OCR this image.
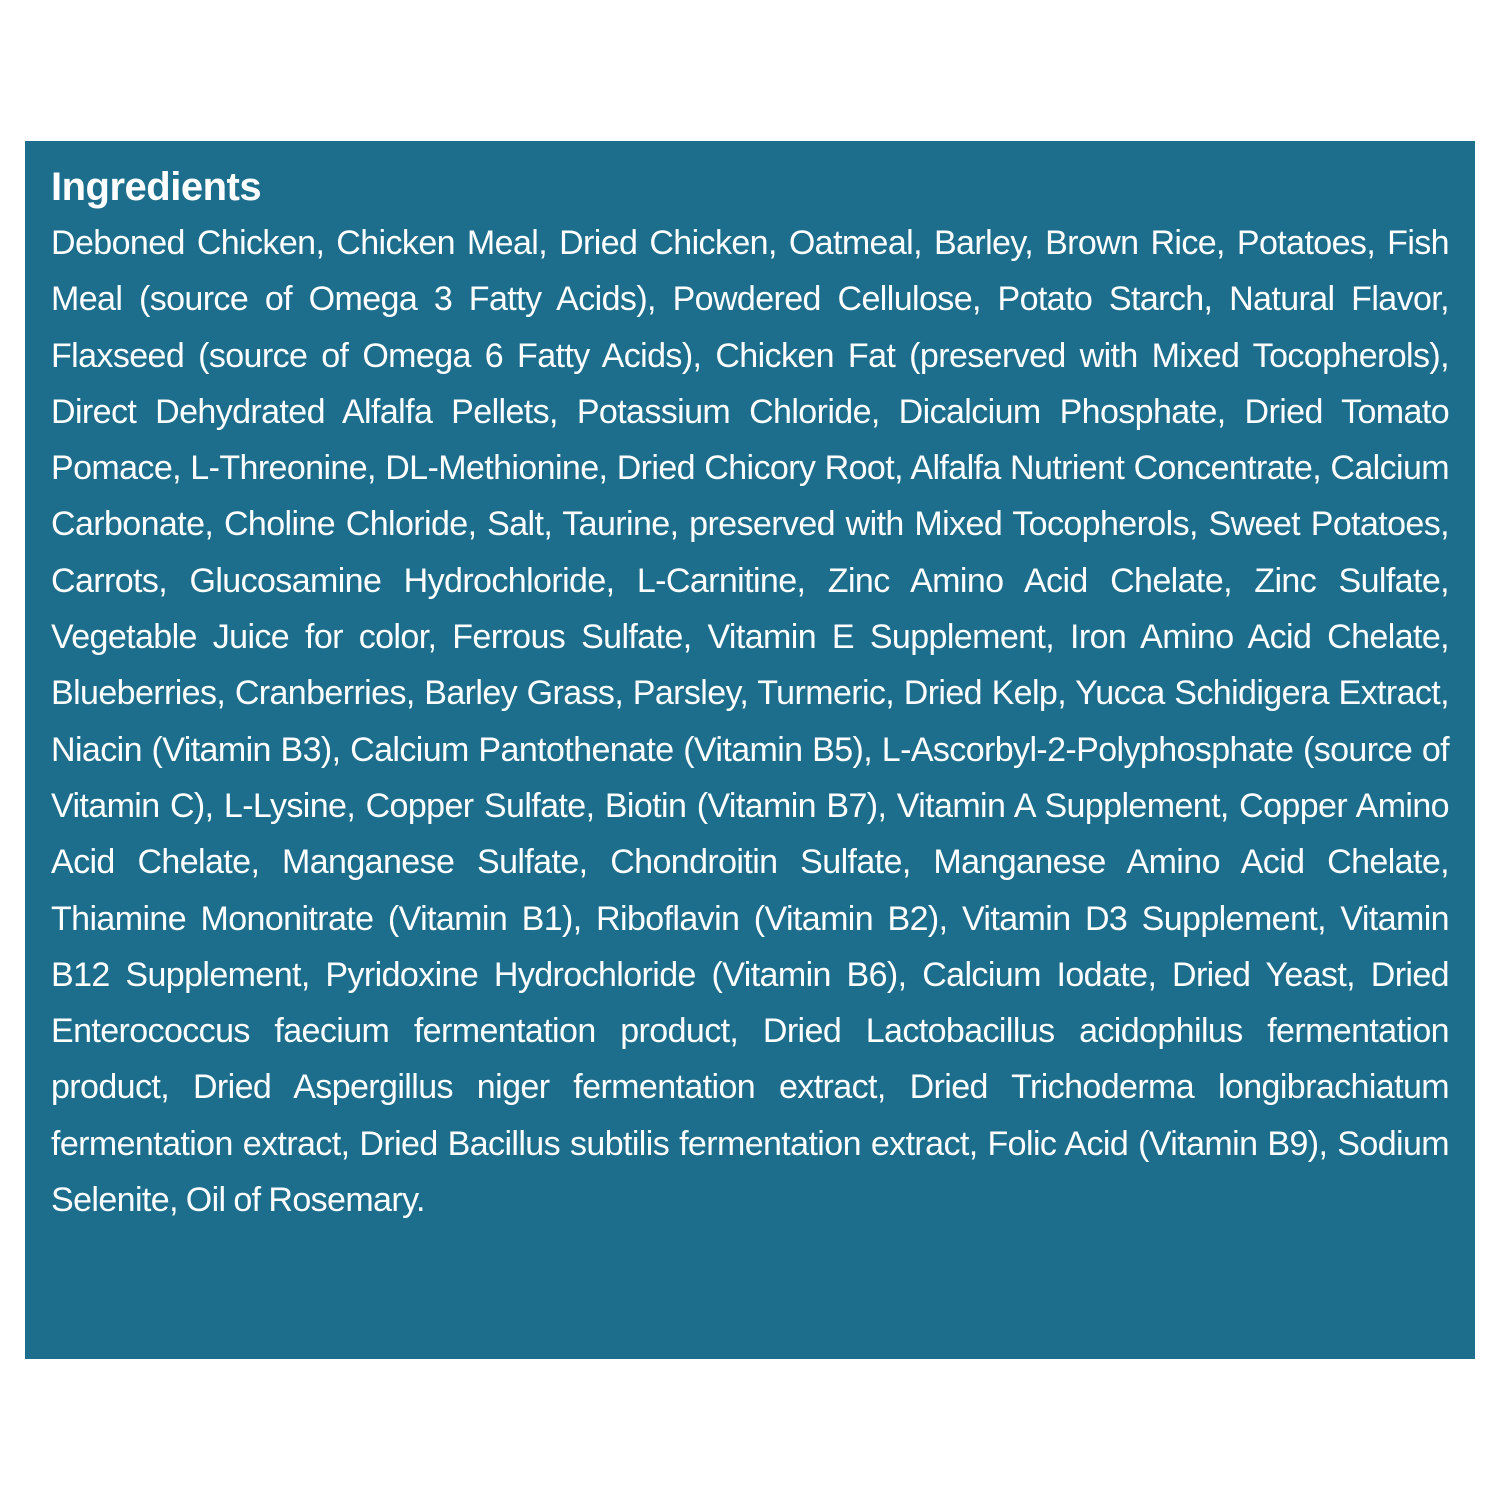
Ingredients

Deboned Chicken, Chicken Meal, Dried Chicken, Oatmeal, Barley, Brown Rice, Potatoes, Fish Meal (source of Omega 3 Fatty Acids), Powdered Cellulose, Potato Starch, Natural Flavor, Flaxseed (source of Omega 6 Fatty Acids), Chicken Fat (preserved with Mixed Tocopherols), Direct Dehydrated Alfalfa Pellets, Potassium Chloride, Dicalcium Phosphate, Dried Tomato Pomace, L-Threonine, DL-Methionine, Dried Chicory Root, Alfalfa Nutrient Concentrate, Calcium Carbonate, Choline Chloride, Salt, Taurine, preserved with Mixed Tocopherols, Sweet Potatoes, Carrots, Glucosamine Hydrochloride, L-Carnitine, Zinc Amino Acid Chelate, Zinc Sulfate, Vegetable Juice for color, Ferrous Sulfate, Vitamin E Supplement, Iron Amino Acid Chelate, Blueberries, Cranberries, Barley Grass, Parsley, Turmeric, Dried Kelp, Yucca Schidigera Extract, Niacin (Vitamin B3), Calcium Pantothenate (Vitamin B5), L-Ascorbyl-2-Polyphosphate (source of Vitamin C), L-Lysine, Copper Sulfate, Biotin (Vitamin B7), Vitamin A Supplement, Copper Amino Acid Chelate, Manganese Sulfate, Chondroitin Sulfate, Manganese Amino Acid Chelate, Thiamine Mononitrate (Vitamin B1), Riboflavin (Vitamin B2), Vitamin D3 Supplement, Vitamin B12 Supplement, Pyridoxine Hydrochloride (Vitamin B6), Calcium Iodate, Dried Yeast, Dried Enterococcus faecium fermentation product, Dried Lactobacillus acidophilus fermentation product, Dried Aspergillus niger fermentation extract, Dried Trichoderma longibrachiatum fermentation extract, Dried Bacillus subtilis fermentation extract, Folic Acid (Vitamin B9), Sodium Selenite, Oil of Rosemary.
